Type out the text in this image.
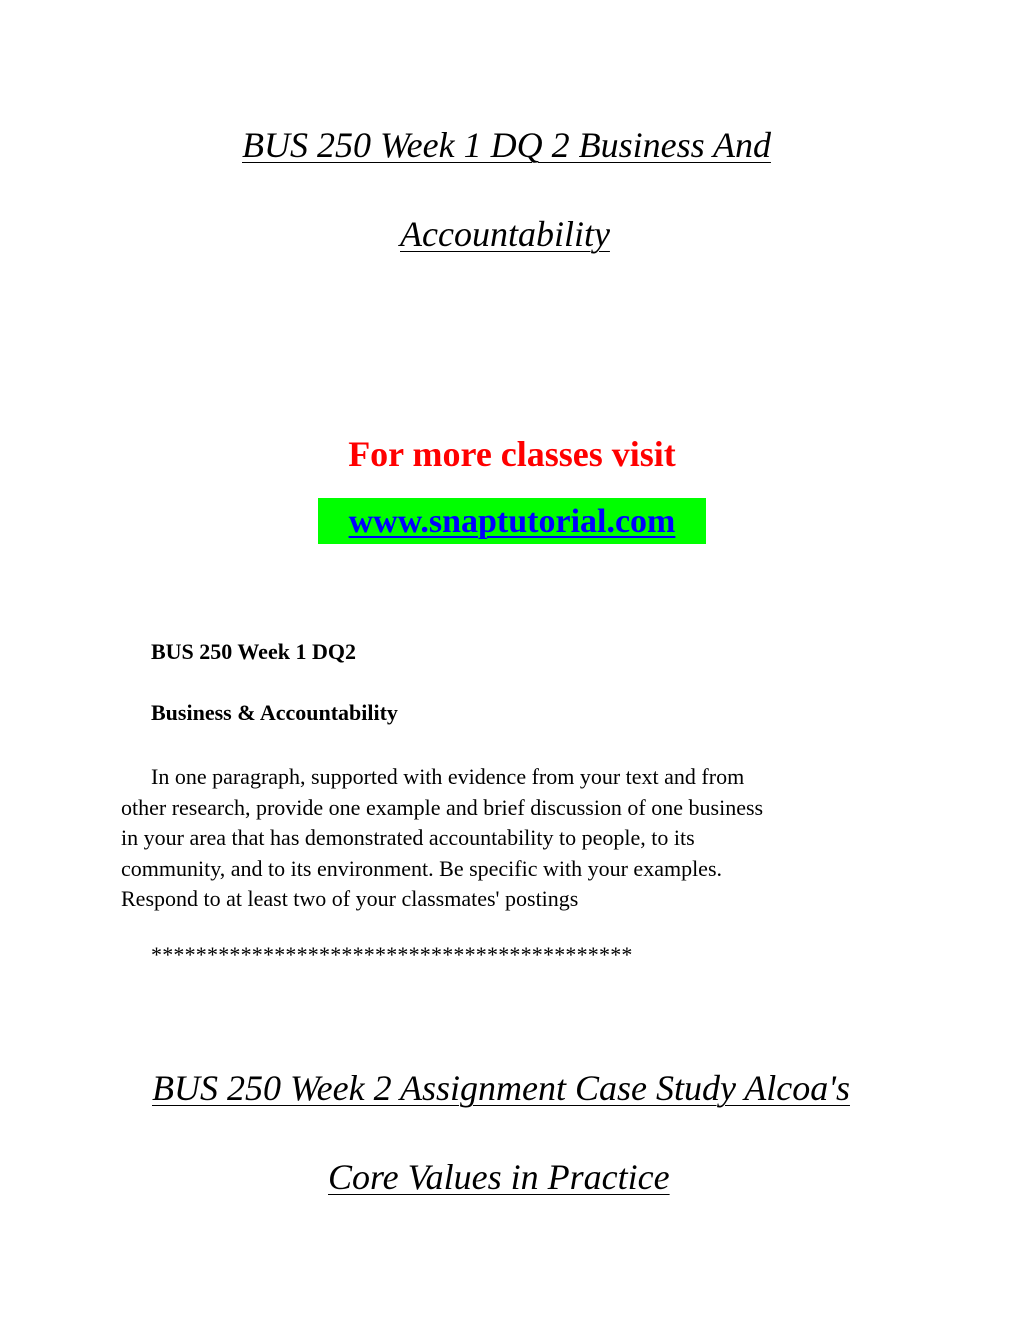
BUS 250 Week 1 DQ 2 Business And
Accountability
For more classes visit
www.snaptutorial.com
BUS 250 Week 1 DQ2
Business & Accountability
In one paragraph, supported with evidence from your text and from
other research, provide one example and brief discussion of one business
in your area that has demonstrated accountability to people, to its
community, and to its environment. Be specific with your examples.
Respond to at least two of your classmates' postings
*******************************************
BUS 250 Week 2 Assignment Case Study Alcoa's
Core Values in Practice
